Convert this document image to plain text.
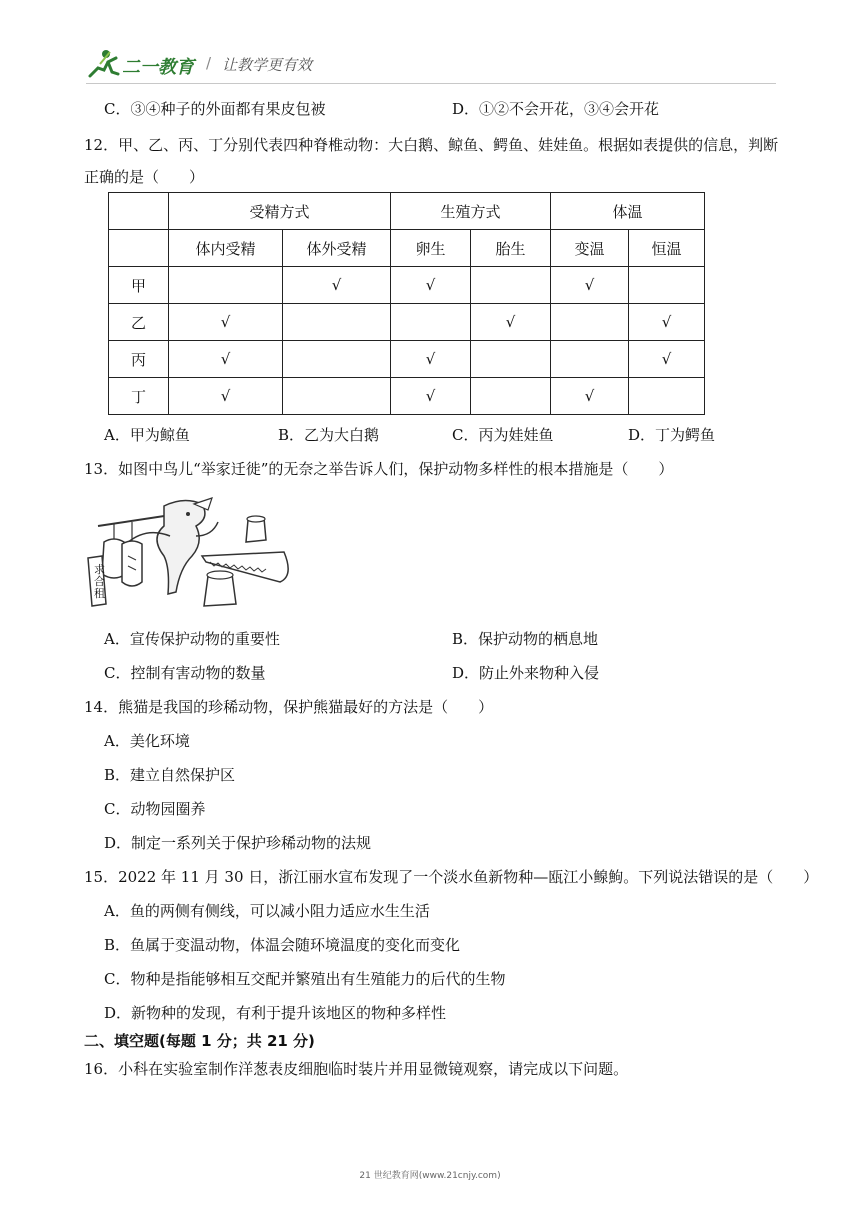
二一教育 / 让教学更有效
C．③④种子的外面都有果皮包被	D．①②不会开花，③④会开花
12．甲、乙、丙、丁分别代表四种脊椎动物：大白鹅、鲸鱼、鳄鱼、娃娃鱼。根据如表提供的信息，判断
正确的是（　　）
	受精方式		生殖方式		体温	
	体内受精	体外受精	卵生	胎生	变温	恒温
甲		√	√		√	
乙	√			√		√
丙	√		√			√
丁	√		√		√	
A．甲为鲸鱼	B．乙为大白鹅	C．丙为娃娃鱼	D．丁为鳄鱼
13．如图中鸟儿“举家迁徙”的无奈之举告诉人们，保护动物多样性的根本措施是（　　）
求合租
A．宣传保护动物的重要性	B．保护动物的栖息地
C．控制有害动物的数量	D．防止外来物种入侵
14．熊猫是我国的珍稀动物，保护熊猫最好的方法是（　　）
A．美化环境
B．建立自然保护区
C．动物园圈养
D．制定一系列关于保护珍稀动物的法规
15．2022 年 11 月 30 日，浙江丽水宣布发现了一个淡水鱼新物种—瓯江小鳈鮈。下列说法错误的是（　　）
A．鱼的两侧有侧线，可以减小阻力适应水生生活
B．鱼属于变温动物，体温会随环境温度的变化而变化
C．物种是指能够相互交配并繁殖出有生殖能力的后代的生物
D．新物种的发现，有利于提升该地区的物种多样性
二、填空题(每题 1 分；共 21 分)
16．小科在实验室制作洋葱表皮细胞临时装片并用显微镜观察，请完成以下问题。
21 世纪教育网(www.21cnjy.com)
